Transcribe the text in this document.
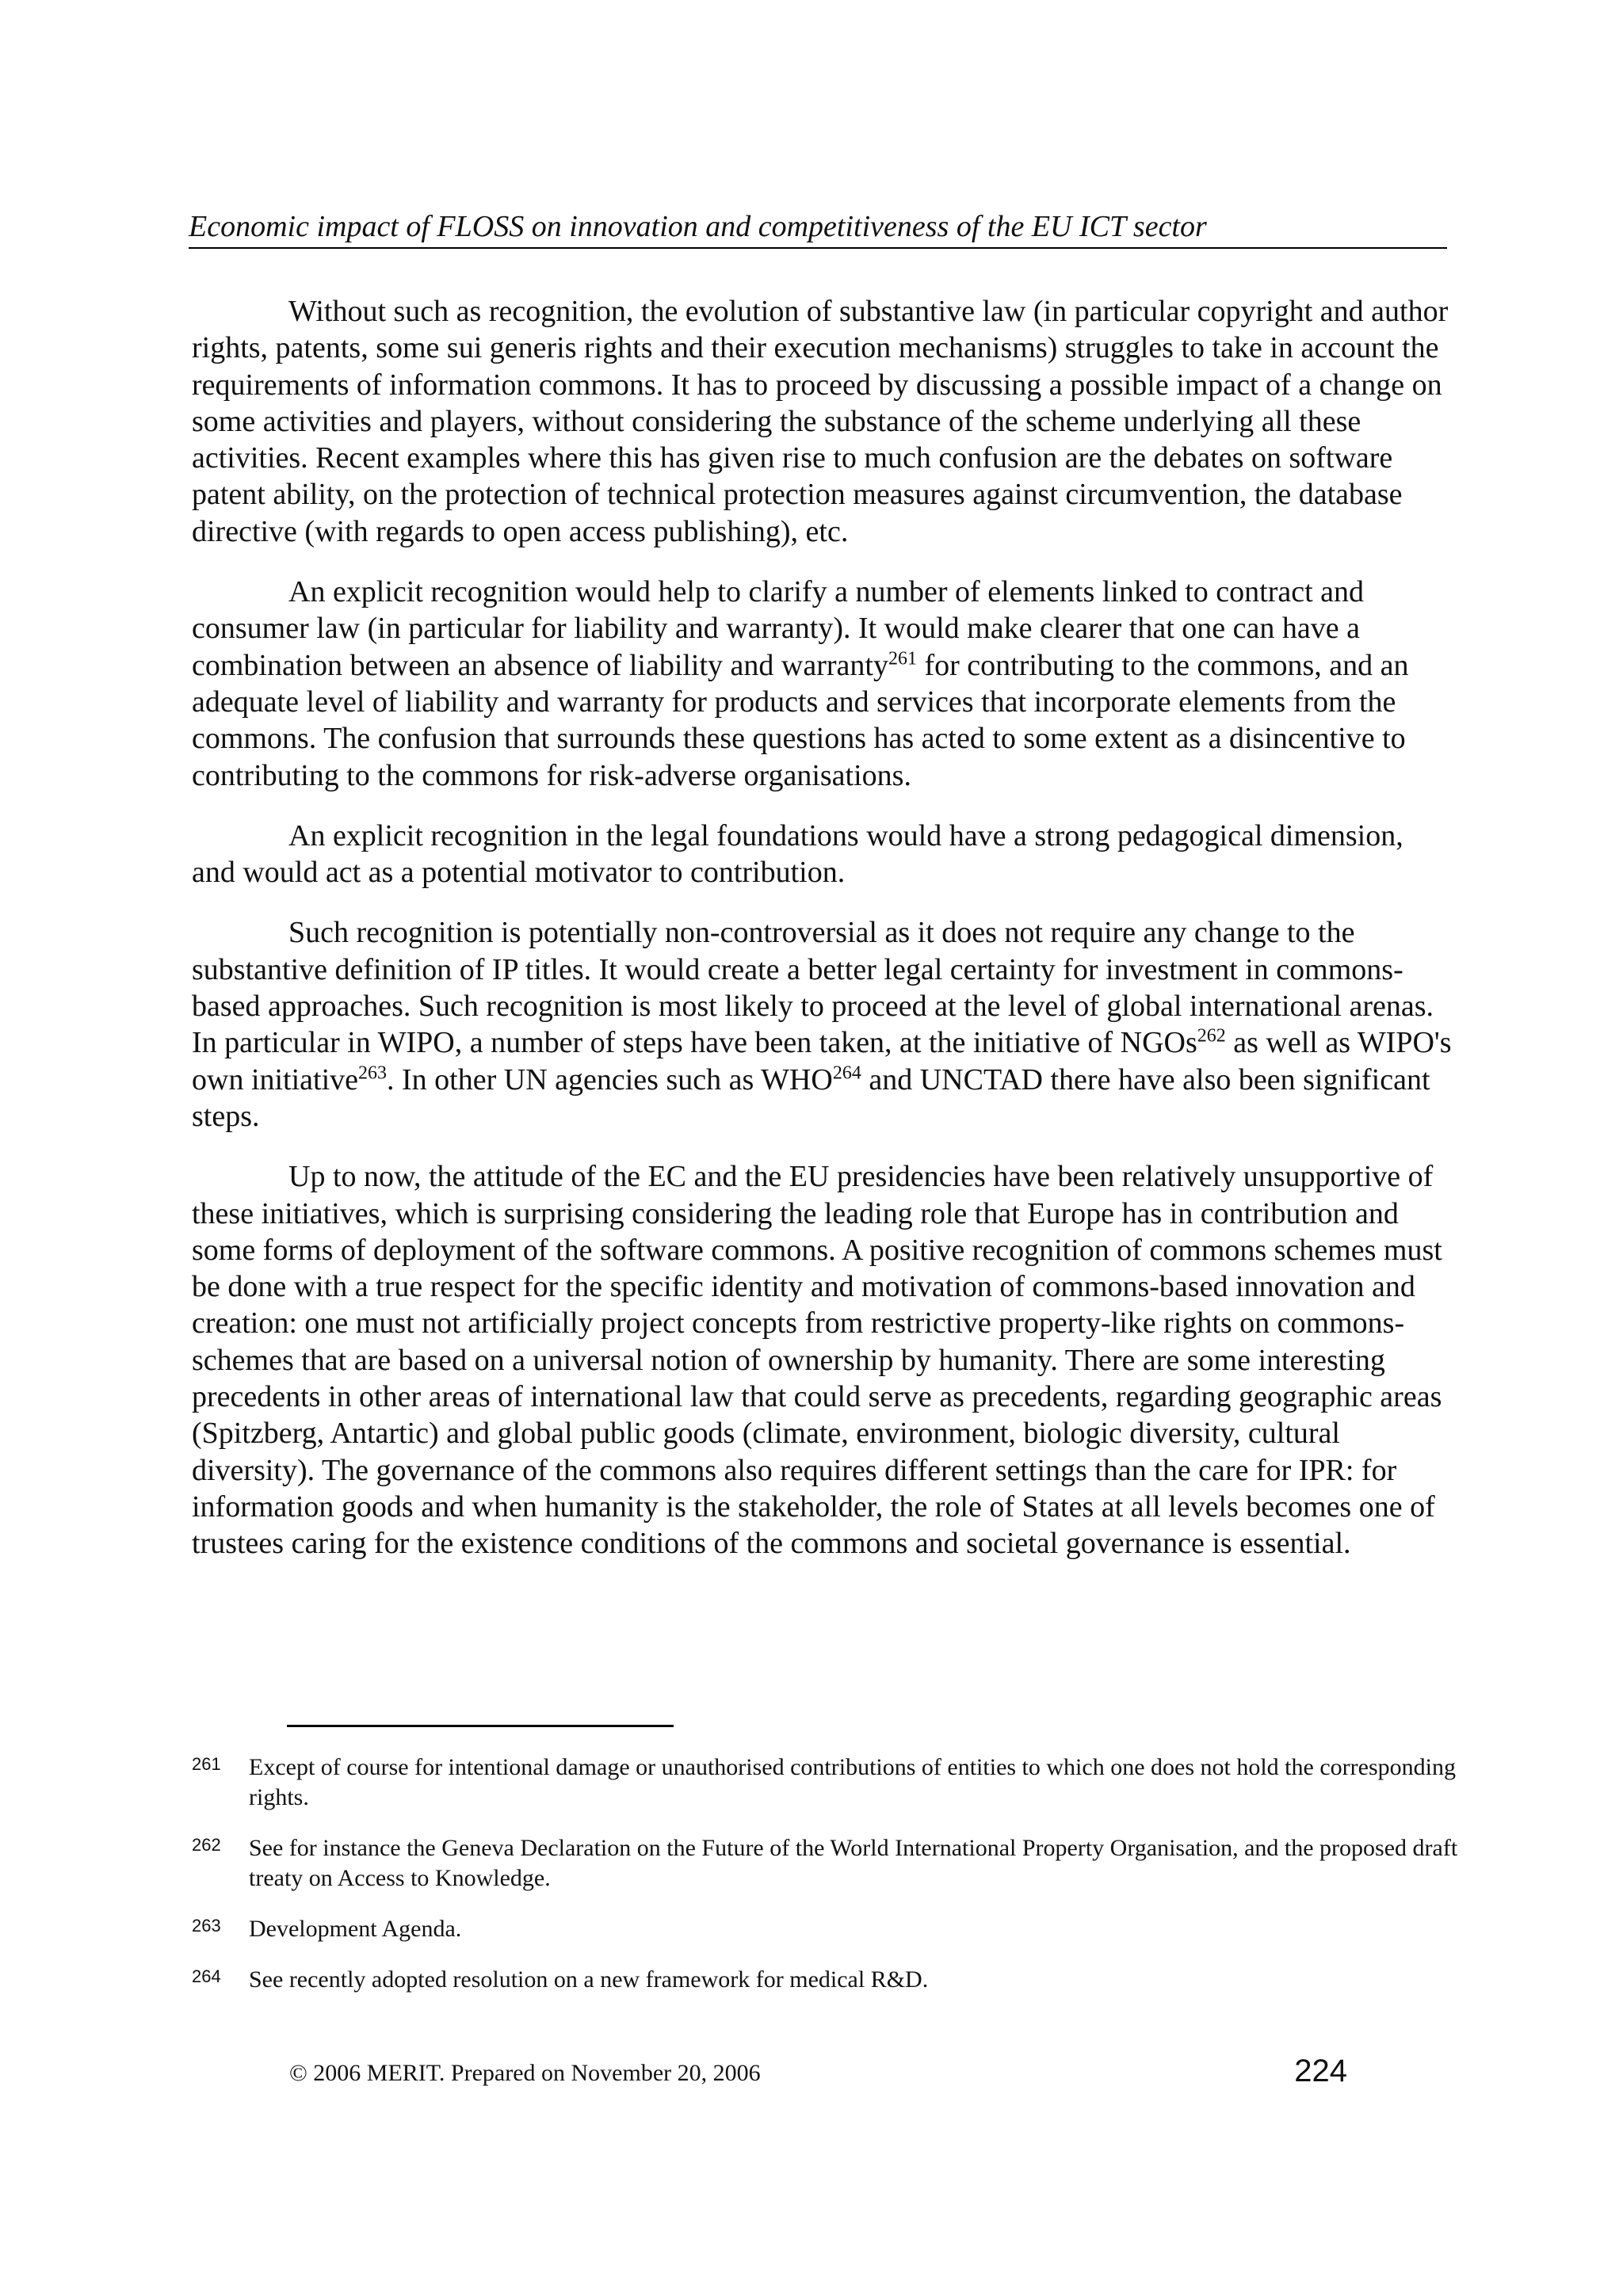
Economic impact of FLOSS on innovation and competitiveness of the EU ICT sector

Without such as recognition, the evolution of substantive law (in particular copyright and author rights, patents, some sui generis rights and their execution mechanisms) struggles to take in account the requirements of information commons. It has to proceed by discussing a possible impact of a change on some activities and players, without considering the substance of the scheme underlying all these activities. Recent examples where this has given rise to much confusion are the debates on software patent ability, on the protection of technical protection measures against circumvention, the database directive (with regards to open access publishing), etc.

An explicit recognition would help to clarify a number of elements linked to contract and consumer law (in particular for liability and warranty). It would make clearer that one can have a combination between an absence of liability and warranty$^{261}$ for contributing to the commons, and an adequate level of liability and warranty for products and services that incorporate elements from the commons. The confusion that surrounds these questions has acted to some extent as a disincentive to contributing to the commons for risk-adverse organisations.

An explicit recognition in the legal foundations would have a strong pedagogical dimension, and would act as a potential motivator to contribution.

Such recognition is potentially non-controversial as it does not require any change to the substantive definition of IP titles. It would create a better legal certainty for investment in commons-based approaches. Such recognition is most likely to proceed at the level of global international arenas. In particular in WIPO, a number of steps have been taken, at the initiative of NGOs$^{262}$ as well as WIPO's own initiative$^{263}$. In other UN agencies such as WHO$^{264}$ and UNCTAD there have also been significant steps.

Up to now, the attitude of the EC and the EU presidencies have been relatively unsupportive of these initiatives, which is surprising considering the leading role that Europe has in contribution and some forms of deployment of the software commons. A positive recognition of commons schemes must be done with a true respect for the specific identity and motivation of commons-based innovation and creation: one must not artificially project concepts from restrictive property-like rights on commons-schemes that are based on a universal notion of ownership by humanity. There are some interesting precedents in other areas of international law that could serve as precedents, regarding geographic areas (Spitzberg, Antartic) and global public goods (climate, environment, biologic diversity, cultural diversity). The governance of the commons also requires different settings than the care for IPR: for information goods and when humanity is the stakeholder, the role of States at all levels becomes one of trustees caring for the existence conditions of the commons and societal governance is essential.

261 Except of course for intentional damage or unauthorised contributions of entities to which one does not hold the corresponding rights.
262 See for instance the Geneva Declaration on the Future of the World International Property Organisation, and the proposed draft treaty on Access to Knowledge.
263 Development Agenda.
264 See recently adopted resolution on a new framework for medical R&D.
© 2006 MERIT. Prepared on November 20, 2006	224
